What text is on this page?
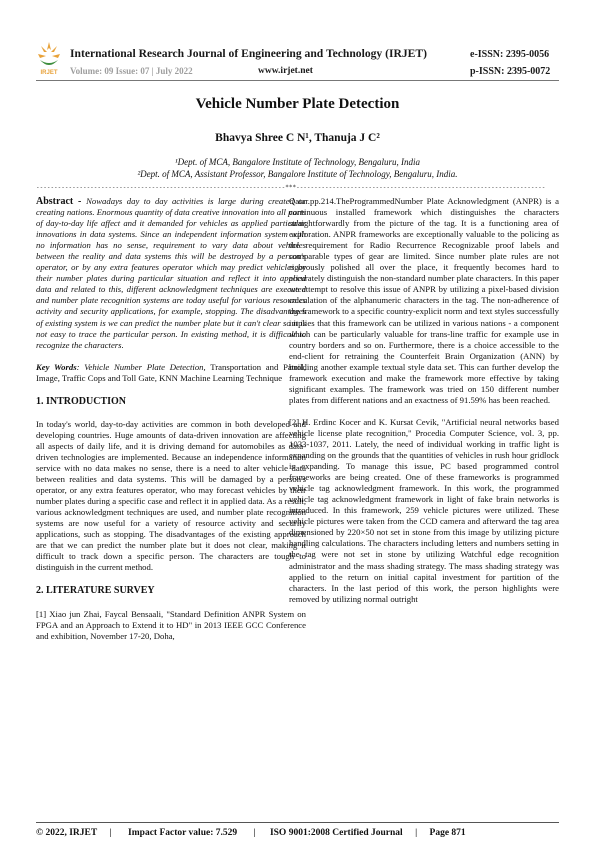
IRJET
International Research Journal of Engineering and Technology (IRJET)	e-ISSN: 2395-0056
Volume: 09 Issue: 07 | July 2022	www.irjet.net	p-ISSN: 2395-0072
Vehicle Number Plate Detection
Bhavya Shree C N¹, Thanuja J C²
¹Dept. of MCA, Bangalore Institute of Technology, Bengaluru, India
²Dept. of MCA, Assistant Professor, Bangalore Institute of Technology, Bengaluru, India.
---------------------------------------------------------------------***---------------------------------------------------------------------

Abstract - Nowadays day to day activities is large during created or creating nations. Enormous quantity of data creative innovation into all parts of day-to-day life affect and it demanded for vehicles as applied particular innovations in data systems. Since an independent information system with no information has no sense, requirement to vary data about vehicles between the reality and data systems this will be destroyed by a person's operator, or by any extra features operator which may predict vehicles by their number plates during particular situation and reflect it into applied data and related to this, different acknowledgment techniques are executed and number plate recognition systems are today useful for various resources activity and security applications, for example, stopping. The disadvantages of existing system is we can predict the number plate but it can't clear so it is not easy to trace the particular person. In existing method, it is difficult to recognize the characters.

Key Words: Vehicle Number Plate Detection, Transportation and Patrol, Image, Traffic Cops and Toll Gate, KNN Machine Learning Technique

1. INTRODUCTION

In today's world, day-to-day activities are common in both developed and developing countries. Huge amounts of data-driven innovation are affecting all aspects of daily life, and it is driving demand for automobiles as data-driven technologies are implemented. Because an independence information service with no data makes no sense, there is a need to alter vehicle data between realities and data systems. This will be damaged by a person's operator, or any extra features operator, who may forecast vehicles by their number plates during a specific case and reflect it in applied data. As a result, various acknowledgment techniques are used, and number plate recognition systems are now useful for a variety of resource activity and security applications, such as stopping. The disadvantages of the existing approach are that we can predict the number plate but it does not clear, making it difficult to track down a specific person. The characters are tough to distinguish in the current method.

2. LITERATURE SURVEY

[1] Xiao jun Zhai, Faycal Bensaali, "Standard Definition ANPR System on FPGA and an Approach to Extend it to HD" in 2013 IEEE GCC Conference and exhibition, November 17-20, Doha,

Qatar.pp.214.TheProgrammedNumber Plate Acknowledgment (ANPR) is a continuous installed framework which distinguishes the characters straightforwardly from the picture of the tag. It is a functioning area of exploration. ANPR frameworks are exceptionally valuable to the policing as the requirement for Radio Recurrence Recognizable proof labels and comparable types of gear are limited. Since number plate rules are not rigorously polished all over the place, it frequently becomes hard to accurately distinguish the non-standard number plate characters. In this paper we attempt to resolve this issue of ANPR by utilizing a pixel-based division calculation of the alphanumeric characters in the tag. The non-adherence of the framework to a specific country-explicit norm and text styles successfully implies that this framework can be utilized in various nations - a component which can be particularly valuable for trans-line traffic for example use in country borders and so on. Furthermore, there is a choice accessible to the end-client for retraining the Counterfeit Brain Organization (ANN) by building another example textual style data set. This can further develop the framework execution and make the framework more effective by taking significant examples. The framework was tried on 150 different number plates from different nations and an exactness of 91.59% has been reached.

[2] H. Erdinc Kocer and K. Kursat Cevik, "Artificial neural networks based vehicle license plate recognition," Procedia Computer Science, vol. 3, pp. 1033-1037, 2011. Lately, the need of individual working in traffic light is expanding on the grounds that the quantities of vehicles in rush hour gridlock is expanding. To manage this issue, PC based programmed control frameworks are being created. One of these frameworks is programmed vehicle tag acknowledgment framework. In this work, the programmed vehicle tag acknowledgment framework in light of fake brain networks is introduced. In this framework, 259 vehicle pictures were utilized. These vehicle pictures were taken from the CCD camera and afterward the tag area dimensioned by 220×50 not set in stone from this image by utilizing picture handling calculations. The characters including letters and numbers setting in the tag were not set in stone by utilizing Watchful edge recognition administrator and the mass shading strategy. The mass shading strategy was applied to the return on initial capital investment for partition of the characters. In the last period of this work, the person highlights were removed by utilizing normal outright

© 2022, IRJET | Impact Factor value: 7.529 | ISO 9001:2008 Certified Journal | Page 871
